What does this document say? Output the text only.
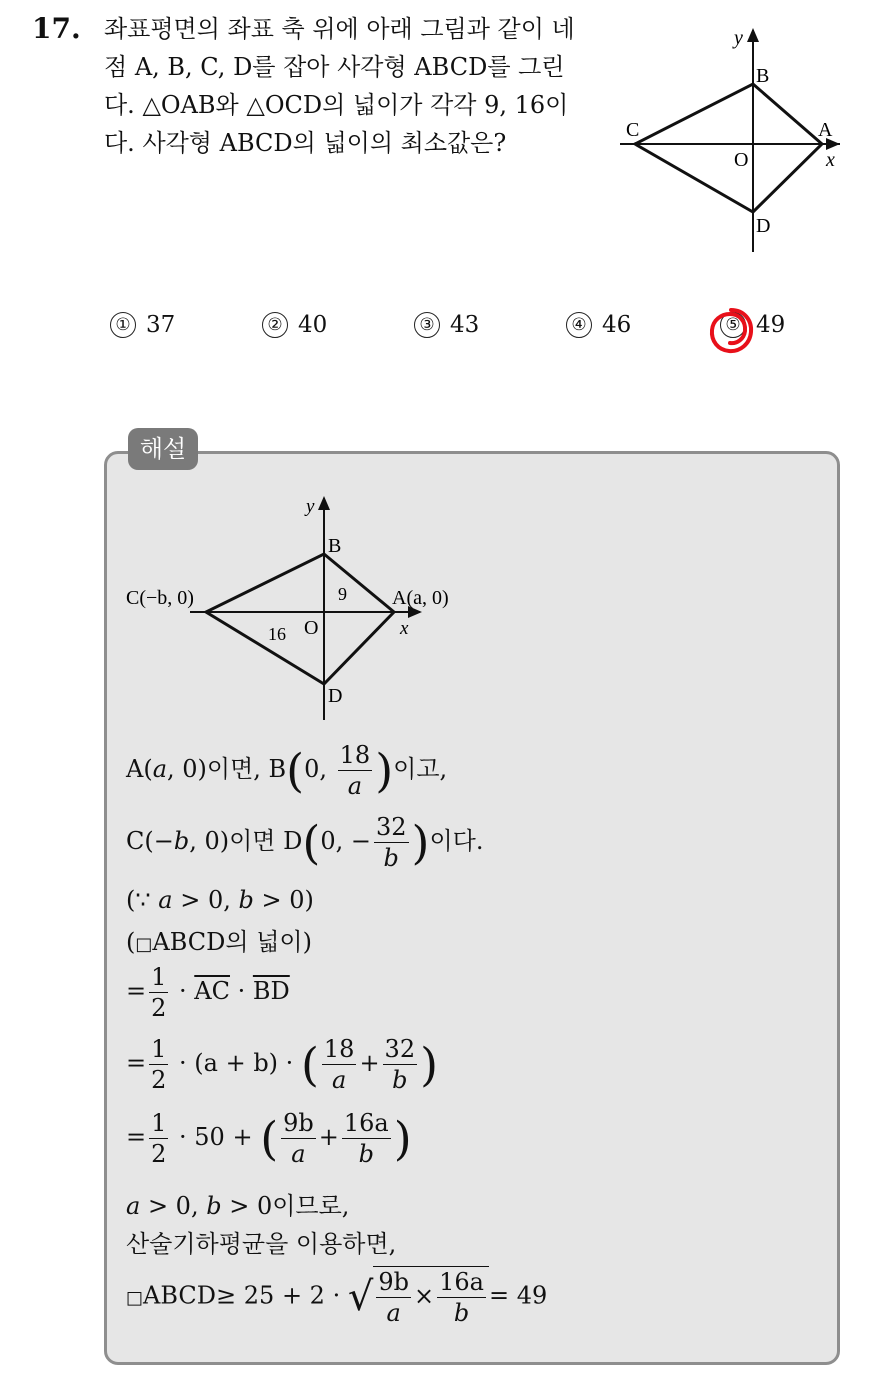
17. 좌표평면의 좌표 축 위에 아래 그림과 같이 네 점 A, B, C, D를 잡아 사각형 ABCD를 그린다. △OAB와 △OCD의 넓이가 각각 9, 16이다. 사각형 ABCD의 넓이의 최소값은?
y
x
B
A
C
D
O
① 37	② 40	③ 43	④ 46	⑤ 49
해설
y
x
B
A(a, 0)
C(−b, 0)
D
O
9
16
A(a, 0)이면, B(0, $\frac{18}{a}$ )이고,
C(−b, 0)이면 D(0, − $\frac{32}{b}$ )이다.
(∵ a > 0, b > 0)
(□ABCD의 넓이)
= $\frac{1}{2} \cdot \overline{AC} \cdot \overline{BD}$
= $\frac{1}{2} \cdot (a + b)$ · ( $\frac{18}{a} + \frac{32}{b}$ )
= $\frac{1}{2} \cdot 50$ + ( $\frac{9b}{a} + \frac{16a}{b}$ )
a > 0, b > 0이므로,
산술기하평균을 이용하면,
□ABCD≥ 25 + 2 · √ $\frac{9b}{a} \times \frac{16a}{b} = 49$
